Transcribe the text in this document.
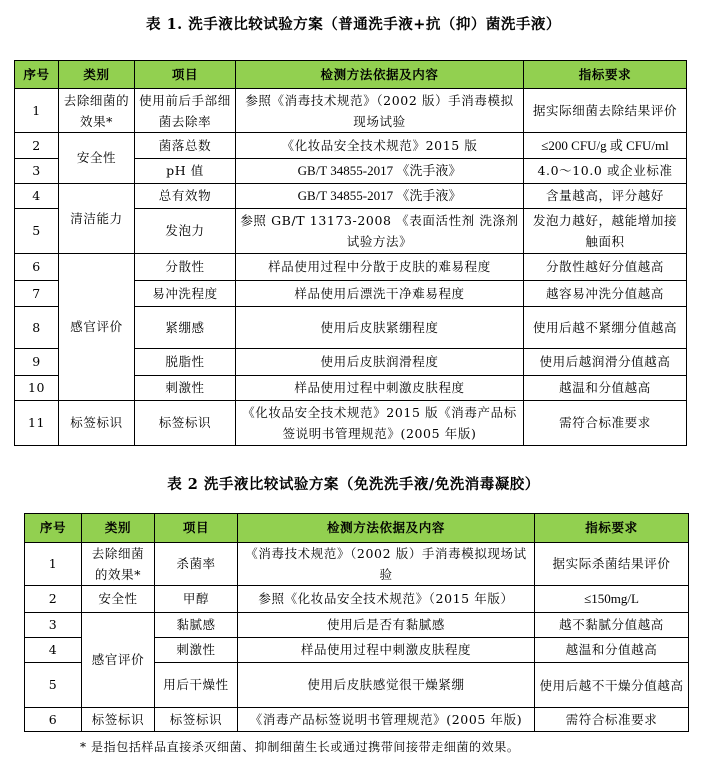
表 1. 洗手液比较试验方案（普通洗手液+抗（抑）菌洗手液）
序号	类别	项目	检测方法依据及内容	指标要求
1	去除细菌的效果*	使用前后手部细菌去除率	参照《消毒技术规范》（2002 版）手消毒模拟现场试验	据实际细菌去除结果评价
2	安全性	菌落总数	《化妆品安全技术规范》2015 版	≤200 CFU/g 或 CFU/ml
3		pH 值	GB/T 34855-2017 《洗手液》	4.0～10.0 或企业标准
4	清洁能力	总有效物	GB/T 34855-2017 《洗手液》	含量越高，评分越好
5		发泡力	参照 GB/T 13173-2008 《表面活性剂 洗涤剂试验方法》	发泡力越好，越能增加接触面积
6	感官评价	分散性	样品使用过程中分散于皮肤的难易程度	分散性越好分值越高
7		易冲洗程度	样品使用后漂洗干净难易程度	越容易冲洗分值越高
8		紧绷感	使用后皮肤紧绷程度	使用后越不紧绷分值越高
9		脱脂性	使用后皮肤润滑程度	使用后越润滑分值越高
10		刺激性	样品使用过程中刺激皮肤程度	越温和分值越高
11	标签标识	标签标识	《化妆品安全技术规范》2015 版《消毒产品标签说明书管理规范》(2005 年版)	需符合标准要求
表 2 洗手液比较试验方案（免洗洗手液/免洗消毒凝胶）
序号	类别	项目	检测方法依据及内容	指标要求
1	去除细菌的效果*	杀菌率	《消毒技术规范》（2002 版）手消毒模拟现场试验	据实际杀菌结果评价
2	安全性	甲醇	参照《化妆品安全技术规范》（2015 年版）	≤150mg/L
3	感官评价	黏腻感	使用后是否有黏腻感	越不黏腻分值越高
4		刺激性	样品使用过程中刺激皮肤程度	越温和分值越高
5		用后干燥性	使用后皮肤感觉很干燥紧绷	使用后越不干燥分值越高
6	标签标识	标签标识	《消毒产品标签说明书管理规范》(2005 年版)	需符合标准要求
* 是指包括样品直接杀灭细菌、抑制细菌生长或通过携带间接带走细菌的效果。
